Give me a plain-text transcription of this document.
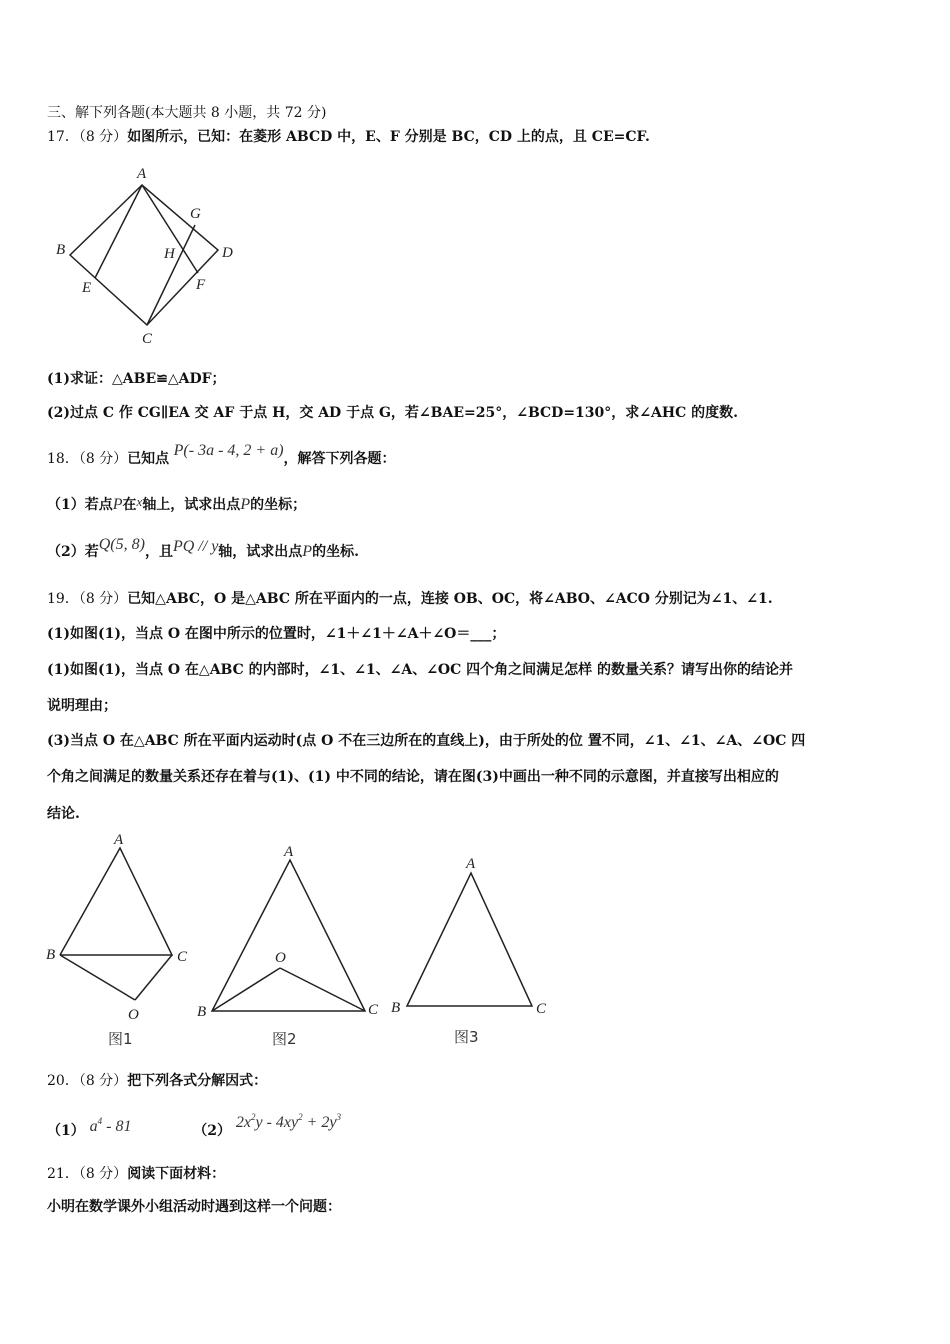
三、解下列各题(本大题共 8 小题，共 72 分)
17．（8 分）如图所示，已知：在菱形 ABCD 中，E、F 分别是 BC，CD 上的点，且 CE=CF.
A
B
C
D
E	F
G
H
(1)求证：△ABE≌△ADF；
(2)过点 C 作 CG∥EA 交 AF 于点 H，交 AD 于点 G，若∠BAE=25°，∠BCD=130°，求∠AHC 的度数.
18．（8 分）已知点 P(- 3a - 4, 2 + a)，解答下列各题：
（1）若点P在x轴上，试求出点P的坐标；
（2）若Q(5, 8)，且PQ // y轴，试求出点P的坐标.
19．（8 分）已知△ABC，O 是△ABC 所在平面内的一点，连接 OB、OC，将∠ABO、∠ACO 分别记为∠1、∠1.
(1)如图(1)，当点 O 在图中所示的位置时，∠1＋∠1＋∠A＋∠O＝___；
(1)如图(1)，当点 O 在△ABC 的内部时，∠1、∠1、∠A、∠OC 四个角之间满足怎样 的数量关系？请写出你的结论并
说明理由；
(3)当点 O 在△ABC 所在平面内运动时(点 O 不在三边所在的直线上)，由于所处的位 置不同，∠1、∠1、∠A、∠OC 四
个角之间满足的数量关系还存在着与(1)、(1) 中不同的结论，请在图(3)中画出一种不同的示意图，并直接写出相应的
结论.
A
B	C
O
图1
A
B	C
O
图2
A
B	C
图3
20．（8 分）把下列各式分解因式：
（1） $a^4 - 81$	（2） $2x^2y - 4xy^2 + 2y^3$
21．（8 分）阅读下面材料：
小明在数学课外小组活动时遇到这样一个问题：
